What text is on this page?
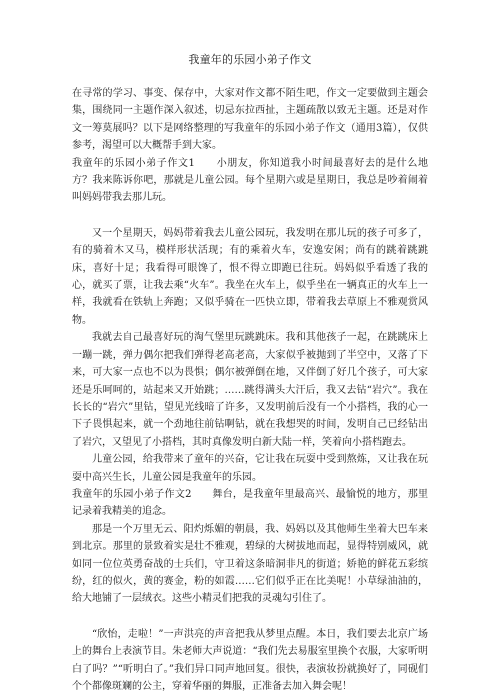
我童年的乐园小弟子作文

在寻常的学习、事变、保存中，大家对作文都不陌生吧，作文一定要做到主题会集，围绕同一主题作深入叙述，切忌东拉西扯，主题疏散以致无主题。还是对作文一筹莫展吗？以下是网络整理的写我童年的乐园小弟子作文（通用3篇），仅供参考，渴望可以大概帮手到大家。

我童年的乐园小弟子作文1　　小朋友，你知道我小时间最喜好去的是什么地方？我来陈诉你吧，那就是儿童公园。每个星期六或是星期日，我总是吵着闹着叫妈妈带我去那儿玩。

又一个星期天，妈妈带着我去儿童公园玩，我发明在那儿玩的孩子可多了，有的骑着木又马，模样形状活现；有的乘着火车，安逸安闲；尚有的跳着跳跳床，喜好十足；我看得可眼馋了，恨不得立即跑已往玩。妈妈似乎看透了我的心，就买了票，让我去乘“火车”。我坐在火车上，似乎坐在一辆真正的火车上一样，我就看在铁轨上奔跑；又似乎骑在一匹快立即，带着我去草原上不雅观赏风物。

我就去自己最喜好玩的淘气堡里玩跳跳床。我和其他孩子一起，在跳跳床上一蹦一跳，弹力偶尔把我们弹得老高老高，大家似乎被抛到了半空中，又落了下来，可大家一点也不以为畏惧；偶尔被弹倒在地，又伴倒了好几个孩子，可大家还是乐呵呵的，站起来又开始跳；……跳得满头大汗后，我又去钻“岩穴”。我在长长的“岩穴”里钻，望见光线暗了许多，又发明前后没有一个小搭档，我的心一下子畏惧起来，就一个劲地往前钻啊钻，就在我想哭的时间，发明自己已经钻出了岩穴，又望见了小搭档，其时真像发明白新大陆一样，笑着向小搭档跑去。

儿童公园，给我带来了童年的兴奋，它让我在玩耍中受到熬炼，又让我在玩耍中高兴生长，儿童公园是我童年的乐园。

我童年的乐园小弟子作文2　　舞台，是我童年里最高兴、最愉悦的地方，那里记录着我精美的追念。

那是一个万里无云、阳灼烁媚的朝晨，我、妈妈以及其他师生坐着大巴车来到北京。那里的景致着实是壮不雅观，碧绿的大树拔地而起，显得特别威风，就如同一位位英勇奋战的士兵们，守卫着这条暗洞非凡的街道；娇艳的鲜花五彩缤纷，红的似火，黄的赛金，粉的如霞……它们似乎正在比美呢！小草绿油油的，给大地铺了一层绒衣。这些小精灵们把我的灵魂勾引住了。

“欣怡，走啦！”一声洪亮的声音把我从梦里点醒。本日，我们要去北京广场上的舞台上表演节目。朱老师大声说道：“我们先去易服室里换个衣服，大家听明白了吗？”“听明白了。”我们异口同声地回复。很快，表演妆扮就换好了，同砚们个个都像斑斓的公主，穿着华丽的舞服，正准备去加入舞会呢！
